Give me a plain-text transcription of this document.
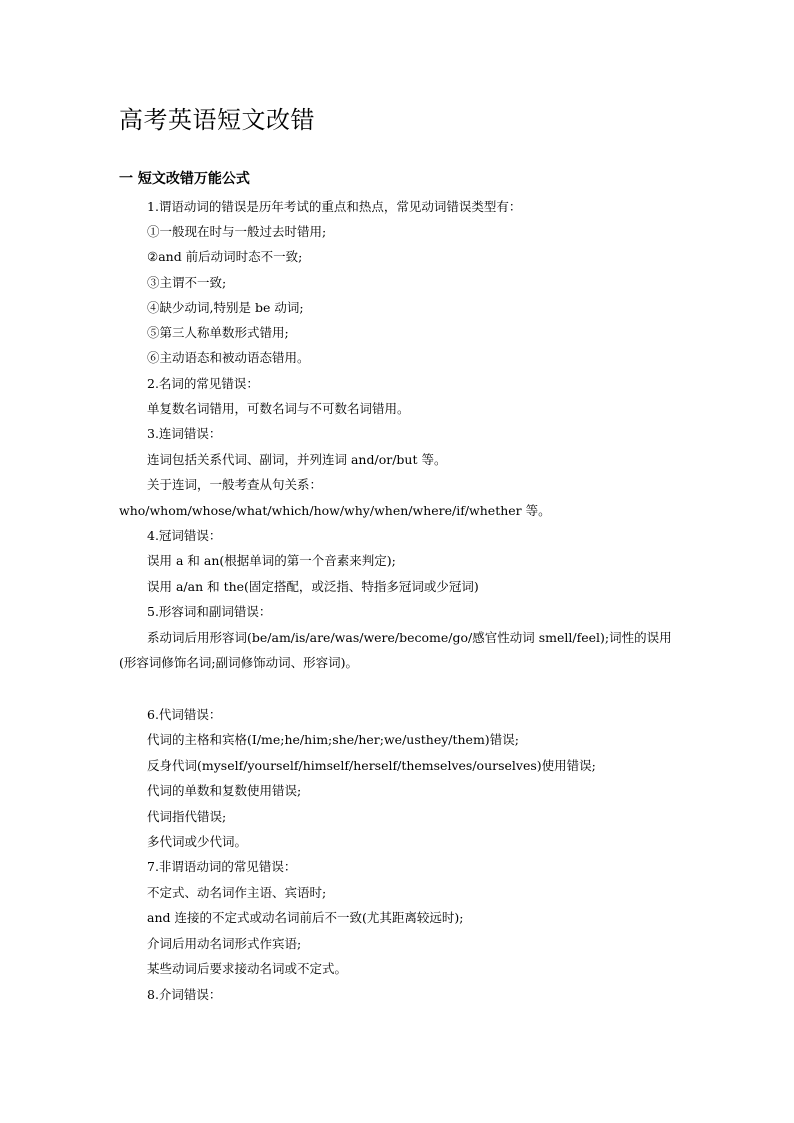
高考英语短文改错
一 短文改错万能公式
1.谓语动词的错误是历年考试的重点和热点，常见动词错误类型有：
①一般现在时与一般过去时错用;
②and 前后动词时态不一致;
③主谓不一致;
④缺少动词,特别是 be 动词;
⑤第三人称单数形式错用;
⑥主动语态和被动语态错用。
2.名词的常见错误：
单复数名词错用，可数名词与不可数名词错用。
3.连词错误：
连词包括关系代词、副词，并列连词 and/or/but 等。
关于连词，一般考查从句关系：
who/whom/whose/what/which/how/why/when/where/if/whether 等。
4.冠词错误：
误用 a 和 an(根据单词的第一个音素来判定);
误用 a/an 和 the(固定搭配，或泛指、特指多冠词或少冠词)
5.形容词和副词错误：
系动词后用形容词(be/am/is/are/was/were/become/go/感官性动词 smell/feel);词性的误用
(形容词修饰名词;副词修饰动词、形容词)。
6.代词错误：
代词的主格和宾格(I/me;he/him;she/her;we/usthey/them)错误;
反身代词(myself/yourself/himself/herself/themselves/ourselves)使用错误;
代词的单数和复数使用错误;
代词指代错误;
多代词或少代词。
7.非谓语动词的常见错误：
不定式、动名词作主语、宾语时;
and 连接的不定式或动名词前后不一致(尤其距离较远时);
介词后用动名词形式作宾语;
某些动词后要求接动名词或不定式。
8.介词错误：
